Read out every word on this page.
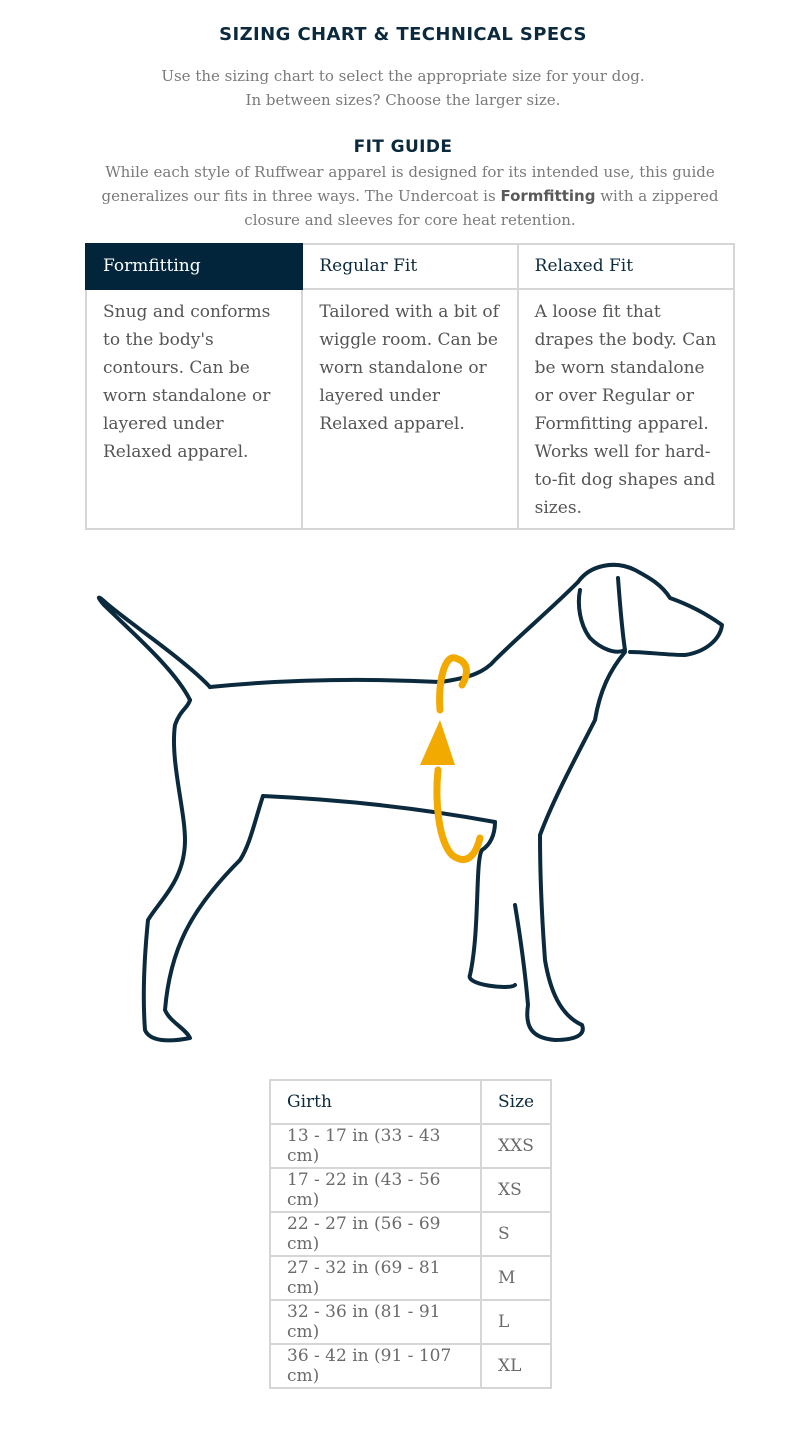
SIZING CHART & TECHNICAL SPECS
Use the sizing chart to select the appropriate size for your dog.
In between sizes? Choose the larger size.
FIT GUIDE

While each style of Ruffwear apparel is designed for its intended use, this guide generalizes our fits in three ways. The Undercoat is Formfitting with a zippered closure and sleeves for core heat retention.

Formfitting	Regular Fit	Relaxed Fit
Snug and conforms to the body's contours. Can be worn standalone or layered under Relaxed apparel.	Tailored with a bit of wiggle room. Can be worn standalone or layered under Relaxed apparel.	A loose fit that drapes the body. Can be worn standalone or over Regular or Formfitting apparel. Works well for hard-to-fit dog shapes and sizes.
Girth	Size
13 - 17 in (33 - 43 cm)	XXS
17 - 22 in (43 - 56 cm)	XS
22 - 27 in (56 - 69 cm)	S
27 - 32 in (69 - 81 cm)	M
32 - 36 in (81 - 91 cm)	L
36 - 42 in (91 - 107 cm)	XL
